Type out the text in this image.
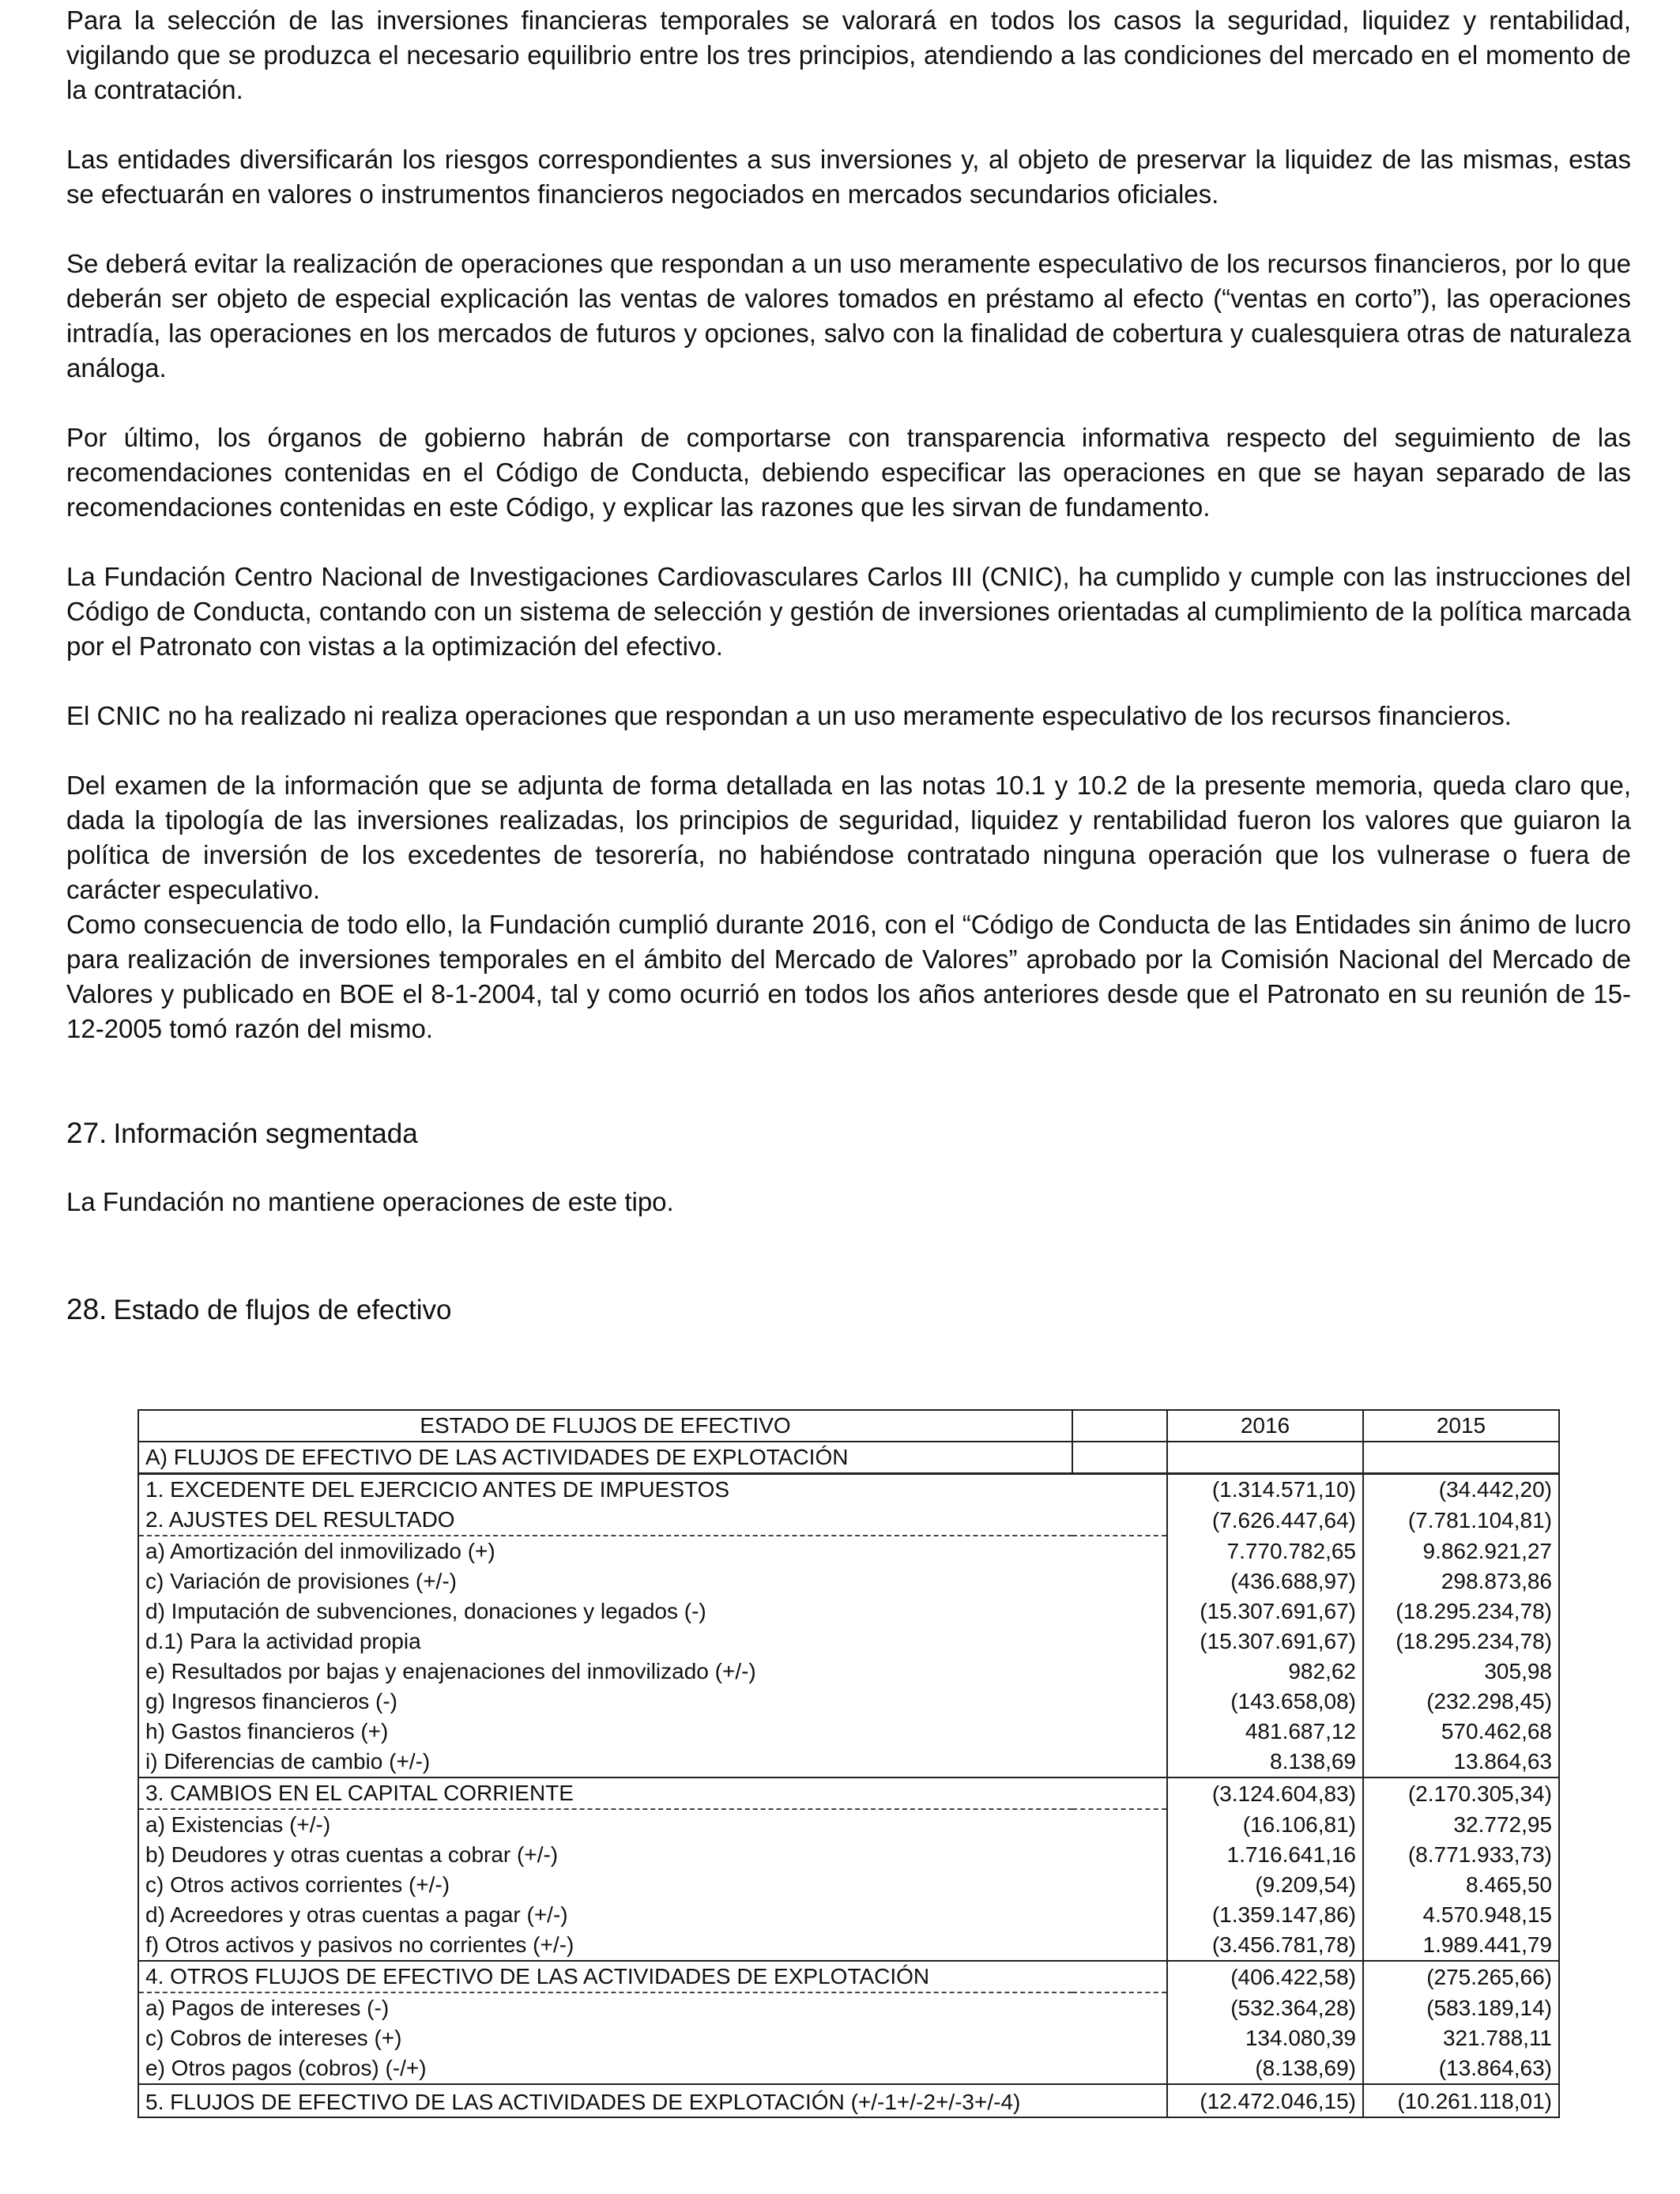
Para la selección de las inversiones financieras temporales se valorará en todos los casos la seguridad, liquidez y rentabilidad, vigilando que se produzca el necesario equilibrio entre los tres principios, atendiendo a las condiciones del mercado en el momento de la contratación.

Las entidades diversificarán los riesgos correspondientes a sus inversiones y, al objeto de preservar la liquidez de las mismas, estas se efectuarán en valores o instrumentos financieros negociados en mercados secundarios oficiales.

Se deberá evitar la realización de operaciones que respondan a un uso meramente especulativo de los recursos financieros, por lo que deberán ser objeto de especial explicación las ventas de valores tomados en préstamo al efecto (“ventas en corto”), las operaciones intradía, las operaciones en los mercados de futuros y opciones, salvo con la finalidad de cobertura y cualesquiera otras de naturaleza análoga.

Por último, los órganos de gobierno habrán de comportarse con transparencia informativa respecto del seguimiento de las recomendaciones contenidas en el Código de Conducta, debiendo especificar las operaciones en que se hayan separado de las recomendaciones contenidas en este Código, y explicar las razones que les sirvan de fundamento.

La Fundación Centro Nacional de Investigaciones Cardiovasculares Carlos III (CNIC), ha cumplido y cumple con las instrucciones del Código de Conducta, contando con un sistema de selección y gestión de inversiones orientadas al cumplimiento de la política marcada por el Patronato con vistas a la optimización del efectivo.

El CNIC no ha realizado ni realiza operaciones que respondan a un uso meramente especulativo de los recursos financieros.

Del examen de la información que se adjunta de forma detallada en las notas 10.1 y 10.2 de la presente memoria, queda claro que, dada la tipología de las inversiones realizadas, los principios de seguridad, liquidez y rentabilidad fueron los valores que guiaron la política de inversión de los excedentes de tesorería, no habiéndose contratado ninguna operación que los vulnerase o fuera de carácter especulativo.

Como consecuencia de todo ello, la Fundación cumplió durante 2016, con el “Código de Conducta de las Entidades sin ánimo de lucro para realización de inversiones temporales en el ámbito del Mercado de Valores” aprobado por la Comisión Nacional del Mercado de Valores y publicado en BOE el 8-1-2004, tal y como ocurrió en todos los años anteriores desde que el Patronato en su reunión de 15-12-2005 tomó razón del mismo.

27. Información segmentada

La Fundación no mantiene operaciones de este tipo.

28. Estado de flujos de efectivo
ESTADO DE FLUJOS DE EFECTIVO		2016	2015
A) FLUJOS DE EFECTIVO DE LAS ACTIVIDADES DE EXPLOTACIÓN			
1. EXCEDENTE DEL EJERCICIO ANTES DE IMPUESTOS		(1.314.571,10)	(34.442,20)
2. AJUSTES DEL RESULTADO		(7.626.447,64)	(7.781.104,81)
a) Amortización del inmovilizado (+)		7.770.782,65	9.862.921,27
c) Variación de provisiones (+/-)		(436.688,97)	298.873,86
d) Imputación de subvenciones, donaciones y legados (-)		(15.307.691,67)	(18.295.234,78)
d.1) Para la actividad propia		(15.307.691,67)	(18.295.234,78)
e) Resultados por bajas y enajenaciones del inmovilizado (+/-)		982,62	305,98
g) Ingresos financieros (-)		(143.658,08)	(232.298,45)
h) Gastos financieros (+)		481.687,12	570.462,68
i) Diferencias de cambio (+/-)		8.138,69	13.864,63
3. CAMBIOS EN EL CAPITAL CORRIENTE		(3.124.604,83)	(2.170.305,34)
a) Existencias (+/-)		(16.106,81)	32.772,95
b) Deudores y otras cuentas a cobrar (+/-)		1.716.641,16	(8.771.933,73)
c) Otros activos corrientes (+/-)		(9.209,54)	8.465,50
d) Acreedores y otras cuentas a pagar (+/-)		(1.359.147,86)	4.570.948,15
f) Otros activos y pasivos no corrientes (+/-)		(3.456.781,78)	1.989.441,79
4. OTROS FLUJOS DE EFECTIVO DE LAS ACTIVIDADES DE EXPLOTACIÓN		(406.422,58)	(275.265,66)
a) Pagos de intereses (-)		(532.364,28)	(583.189,14)
c) Cobros de intereses (+)		134.080,39	321.788,11
e) Otros pagos (cobros) (-/+)		(8.138,69)	(13.864,63)
5. FLUJOS DE EFECTIVO DE LAS ACTIVIDADES DE EXPLOTACIÓN (+/-1+/-2+/-3+/-4)		(12.472.046,15)	(10.261.118,01)
